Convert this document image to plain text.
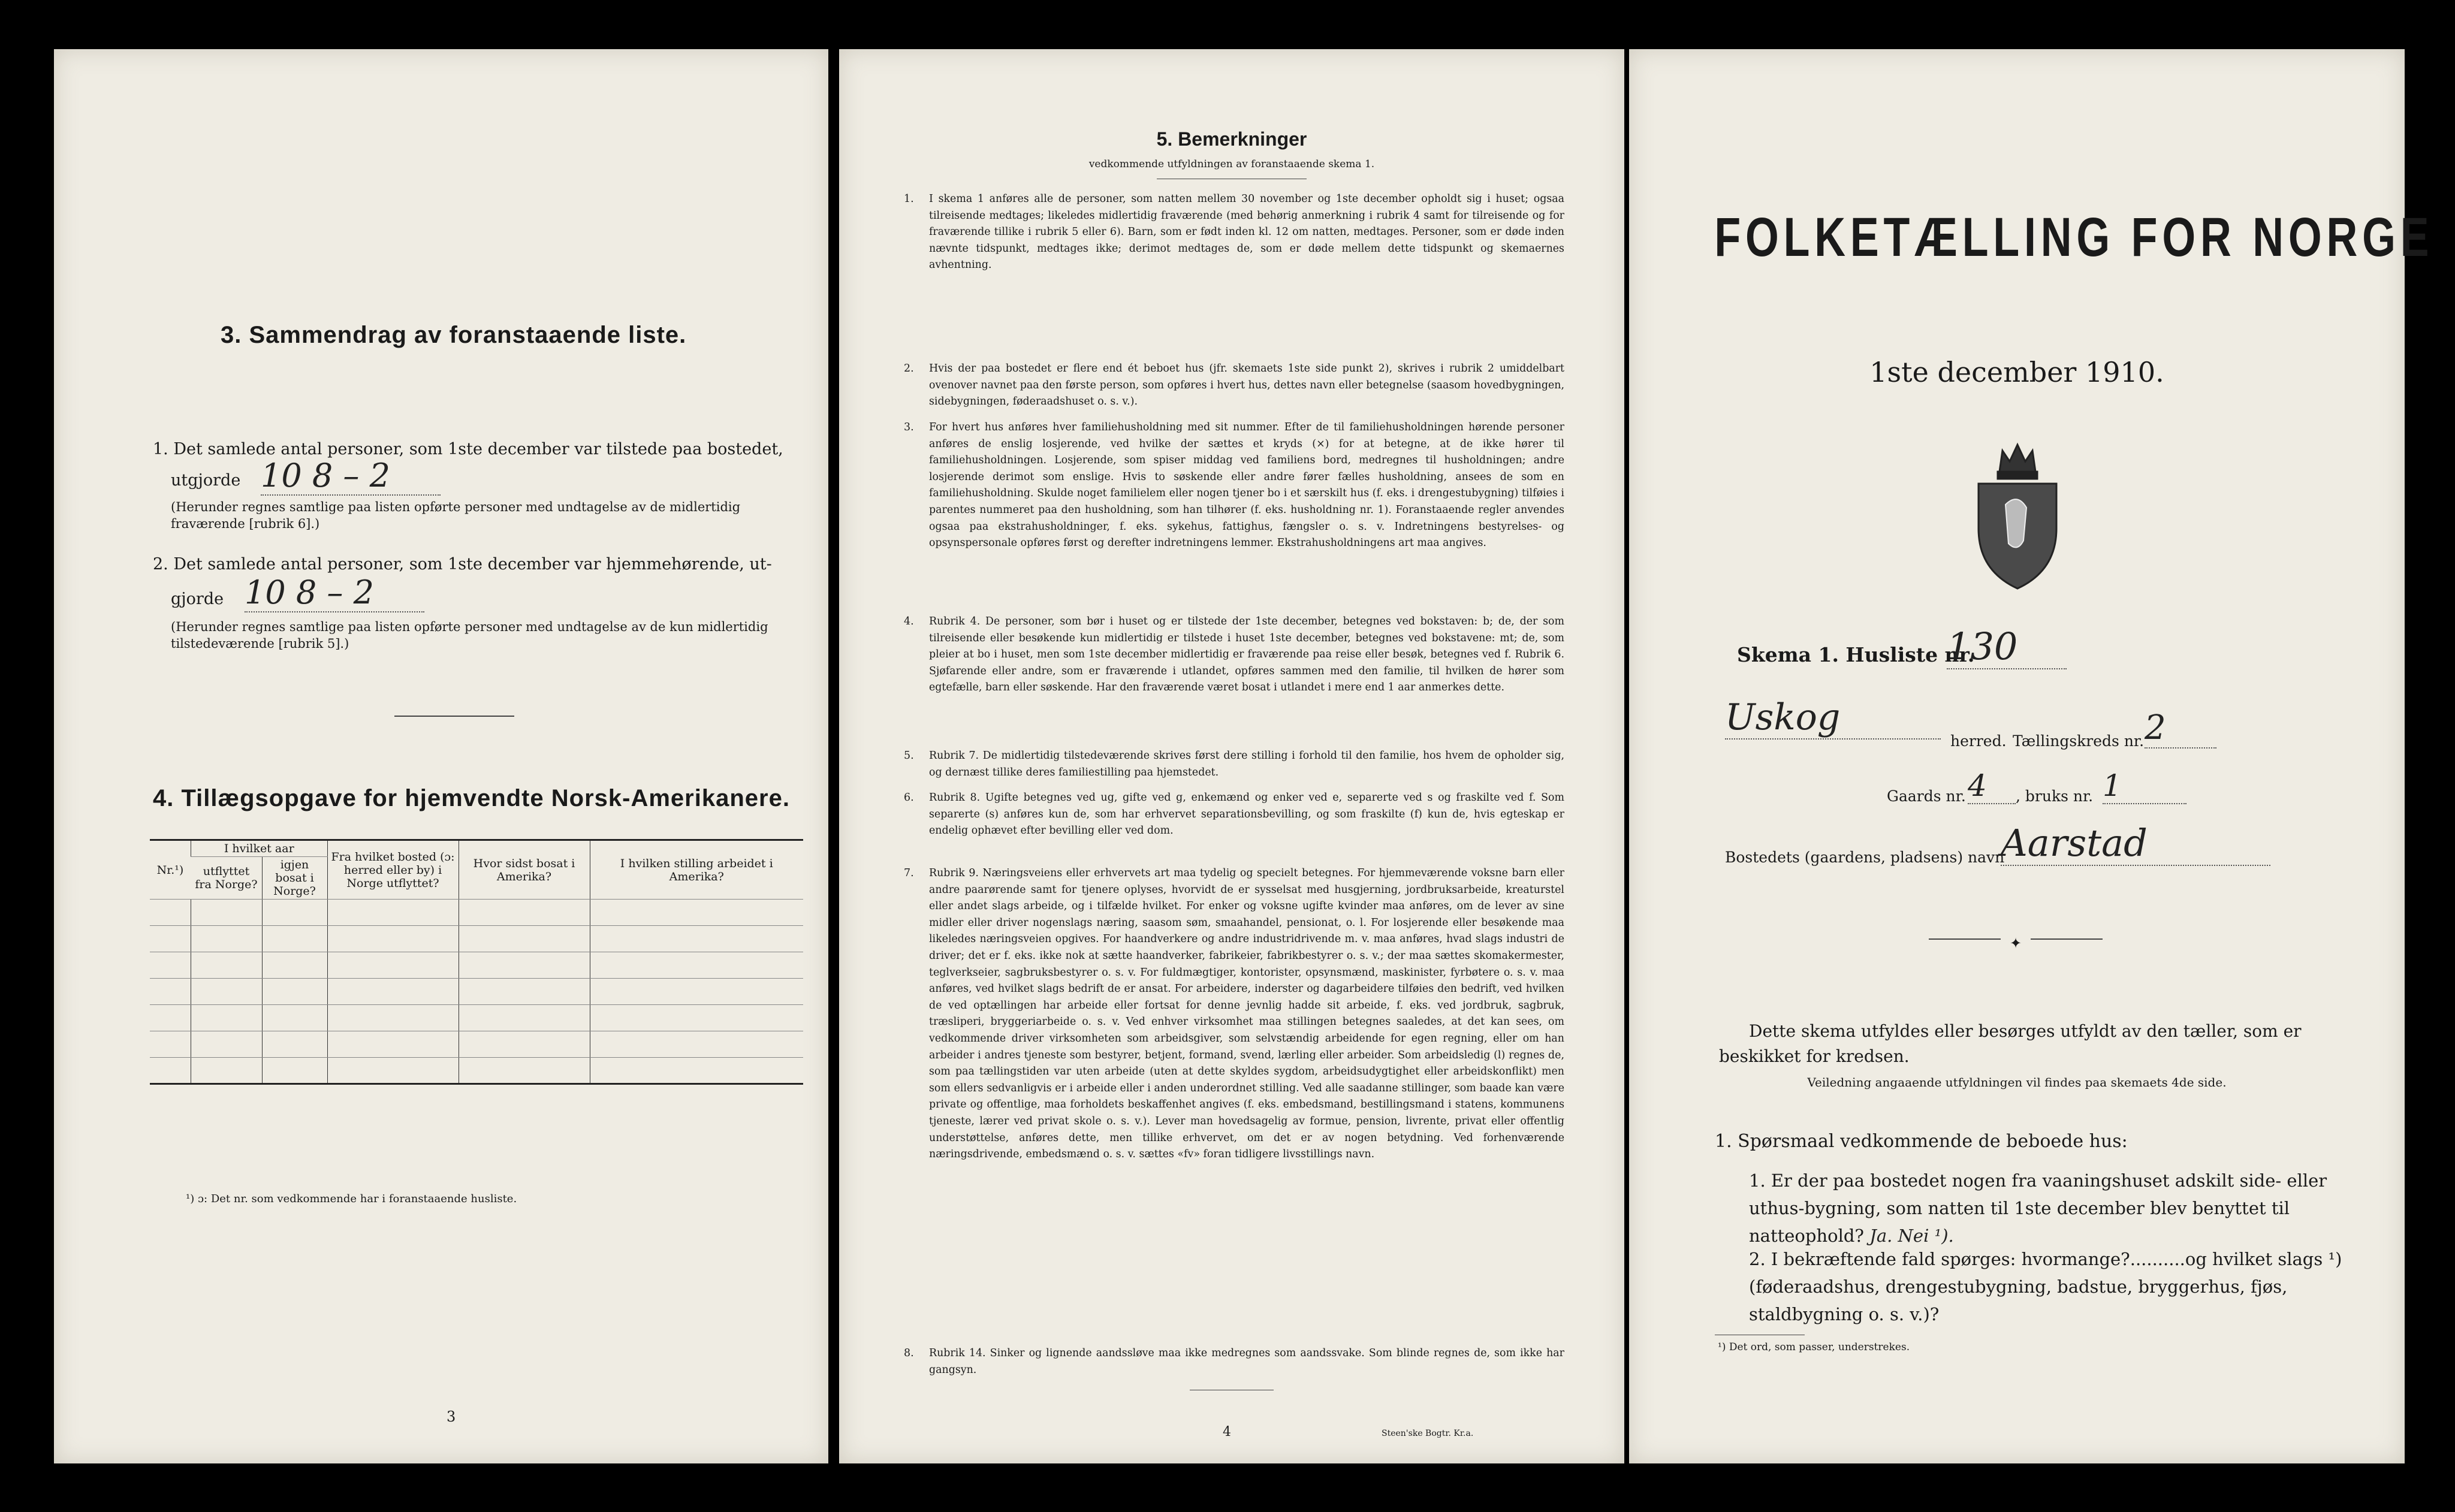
3. Sammendrag av foranstaaende liste.
1. Det samlede antal personer, som 1ste december var tilstede paa bostedet,
utgjorde 10 8 – 2
(Herunder regnes samtlige paa listen opførte personer med undtagelse av de midlertidig fraværende [rubrik 6].)
2. Det samlede antal personer, som 1ste december var hjemmehørende, ut-
gjorde 10 8 – 2
(Herunder regnes samtlige paa listen opførte personer med undtagelse av de kun midlertidig tilstedeværende [rubrik 5].)
4. Tillægsopgave for hjemvendte Norsk-Amerikanere.
Nr.¹)	I hvilket aar		Fra hvilket bosted (ɔ: herred eller by) i Norge utflyttet?	Hvor sidst bosat i Amerika?	I hvilken stilling arbeidet i Amerika?
	utflyttet fra Norge?	igjen bosat i Norge?			

¹) ɔ: Det nr. som vedkommende har i foranstaaende husliste.
3
5. Bemerkninger
vedkommende utfyldningen av foranstaaende skema 1.
1. I skema 1 anføres alle de personer, som natten mellem 30 november og 1ste december opholdt sig i huset; ogsaa tilreisende medtages; likeledes midlertidig fraværende (med behørig anmerkning i rubrik 4 samt for tilreisende og for fraværende tillike i rubrik 5 eller 6). Barn, som er født inden kl. 12 om natten, medtages. Personer, som er døde inden nævnte tidspunkt, medtages ikke; derimot medtages de, som er døde mellem dette tidspunkt og skemaernes avhentning.
2. Hvis der paa bostedet er flere end ét beboet hus (jfr. skemaets 1ste side punkt 2), skrives i rubrik 2 umiddelbart ovenover navnet paa den første person, som opføres i hvert hus, dettes navn eller betegnelse (saasom hovedbygningen, sidebygningen, føderaadshuset o. s. v.).
3. For hvert hus anføres hver familiehusholdning med sit nummer. Efter de til familiehusholdningen hørende personer anføres de enslig losjerende, ved hvilke der sættes et kryds (×) for at betegne, at de ikke hører til familiehusholdningen. Losjerende, som spiser middag ved familiens bord, medregnes til husholdningen; andre losjerende derimot som enslige. Hvis to søskende eller andre fører fælles husholdning, ansees de som en familiehusholdning. Skulde noget familielem eller nogen tjener bo i et særskilt hus (f. eks. i drengestubygning) tilføies i parentes nummeret paa den husholdning, som han tilhører (f. eks. husholdning nr. 1). Foranstaaende regler anvendes ogsaa paa ekstrahusholdninger, f. eks. sykehus, fattighus, fængsler o. s. v. Indretningens bestyrelses- og opsynspersonale opføres først og derefter indretningens lemmer. Ekstrahusholdningens art maa angives.
4. Rubrik 4. De personer, som bør i huset og er tilstede der 1ste december, betegnes ved bokstaven: b; de, der som tilreisende eller besøkende kun midlertidig er tilstede i huset 1ste december, betegnes ved bokstavene: mt; de, som pleier at bo i huset, men som 1ste december midlertidig er fraværende paa reise eller besøk, betegnes ved f. Rubrik 6. Sjøfarende eller andre, som er fraværende i utlandet, opføres sammen med den familie, til hvilken de hører som egtefælle, barn eller søskende. Har den fraværende været bosat i utlandet i mere end 1 aar anmerkes dette.
5. Rubrik 7. De midlertidig tilstedeværende skrives først dere stilling i forhold til den familie, hos hvem de opholder sig, og dernæst tillike deres familiestilling paa hjemstedet.
6. Rubrik 8. Ugifte betegnes ved ug, gifte ved g, enkemænd og enker ved e, separerte ved s og fraskilte ved f. Som separerte (s) anføres kun de, som har erhvervet separationsbevilling, og som fraskilte (f) kun de, hvis egteskap er endelig ophævet efter bevilling eller ved dom.
7. Rubrik 9. Næringsveiens eller erhvervets art maa tydelig og specielt betegnes. For hjemmeværende voksne barn eller andre paarørende samt for tjenere oplyses, hvorvidt de er sysselsat med husgjerning, jordbruksarbeide, kreaturstel eller andet slags arbeide, og i tilfælde hvilket. For enker og voksne ugifte kvinder maa anføres, om de lever av sine midler eller driver nogenslags næring, saasom søm, smaahandel, pensionat, o. l. For losjerende eller besøkende maa likeledes næringsveien opgives. For haandverkere og andre industridrivende m. v. maa anføres, hvad slags industri de driver; det er f. eks. ikke nok at sætte haandverker, fabrikeier, fabrikbestyrer o. s. v.; der maa sættes skomakermester, teglverkseier, sagbruksbestyrer o. s. v. For fuldmægtiger, kontorister, opsynsmænd, maskinister, fyrbøtere o. s. v. maa anføres, ved hvilket slags bedrift de er ansat. For arbeidere, inderster og dagarbeidere tilføies den bedrift, ved hvilken de ved optællingen har arbeide eller fortsat for denne jevnlig hadde sit arbeide, f. eks. ved jordbruk, sagbruk, træsliperi, bryggeriarbeide o. s. v. Ved enhver virksomhet maa stillingen betegnes saaledes, at det kan sees, om vedkommende driver virksomheten som arbeidsgiver, som selvstændig arbeidende for egen regning, eller om han arbeider i andres tjeneste som bestyrer, betjent, formand, svend, lærling eller arbeider. Som arbeidsledig (l) regnes de, som paa tællingstiden var uten arbeide (uten at dette skyldes sygdom, arbeidsudygtighet eller arbeidskonflikt) men som ellers sedvanligvis er i arbeide eller i anden underordnet stilling. Ved alle saadanne stillinger, som baade kan være private og offentlige, maa forholdets beskaffenhet angives (f. eks. embedsmand, bestillingsmand i statens, kommunens tjeneste, lærer ved privat skole o. s. v.). Lever man hovedsagelig av formue, pension, livrente, privat eller offentlig understøttelse, anføres dette, men tillike erhvervet, om det er av nogen betydning. Ved forhenværende næringsdrivende, embedsmænd o. s. v. sættes «fv» foran tidligere livsstillings navn.
8. Rubrik 14. Sinker og lignende aandssløve maa ikke medregnes som aandssvake. Som blinde regnes de, som ikke har gangsyn.
4	Steen'ske Bogtr. Kr.a.
FOLKETÆLLING FOR NORGE
1ste december 1910.
Skema 1. Husliste nr.
130
Uskog
herred. Tællingskreds nr. 2
Gaards nr. 4	, bruks nr. 1
Bostedets (gaardens, pladsens) navn
Aarstad
✦
Dette skema utfyldes eller besørges utfyldt av den tæller, som er beskikket for kredsen.
Veiledning angaaende utfyldningen vil findes paa skemaets 4de side.
1. Spørsmaal vedkommende de beboede hus:
1. Er der paa bostedet nogen fra vaaningshuset adskilt side- eller uthus-bygning, som natten til 1ste december blev benyttet til natteophold? Ja. Nei ¹).
2. I bekræftende fald spørges: hvormange?..........og hvilket slags ¹) (føderaadshus, drengestubygning, badstue, bryggerhus, fjøs, staldbygning o. s. v.)?
¹) Det ord, som passer, understrekes.
